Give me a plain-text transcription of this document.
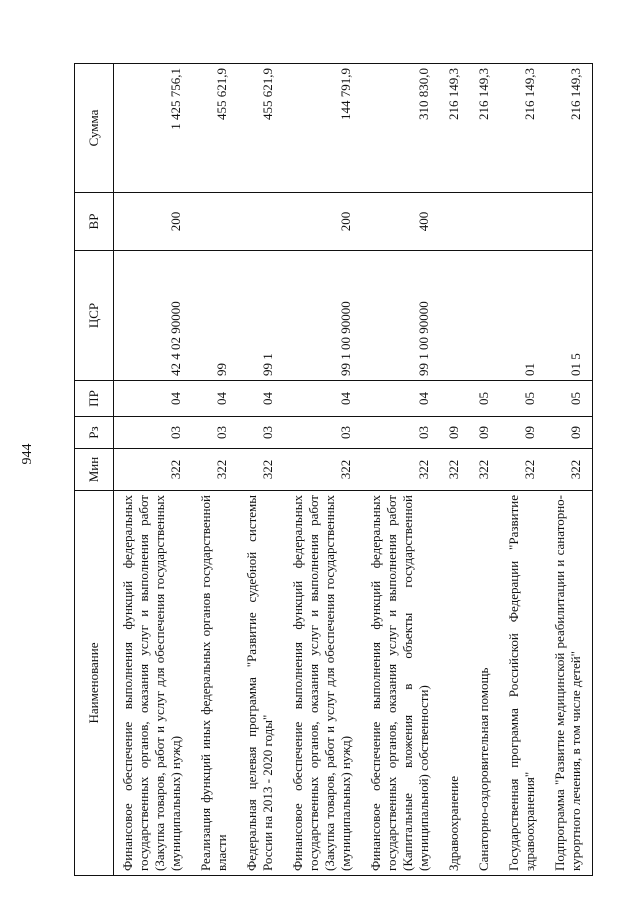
944
Наименование	Мин	Рз	ПР	ЦСР	ВР	Сумма
Финансовое обеспечение выполнения функций федеральных государственных органов, оказания услуг и выполнения работ (Закупка товаров, работ и услуг для обеспечения государственных (муниципальных) нужд)	322	03	04	42 4 02 90000	200	1 425 756,1
Реализация функций иных федеральных органов государственной власти	322	03	04	99		455 621,9
Федеральная целевая программа "Развитие судебной системы России на 2013 - 2020 годы"	322	03	04	99 1		455 621,9
Финансовое обеспечение выполнения функций федеральных государственных органов, оказания услуг и выполнения работ (Закупка товаров, работ и услуг для обеспечения государственных (муниципальных) нужд)	322	03	04	99 1 00 90000	200	144 791,9
Финансовое обеспечение выполнения функций федеральных государственных органов, оказания услуг и выполнения работ (Капитальные вложения в объекты государственной (муниципальной) собственности)	322	03	04	99 1 00 90000	400	310 830,0
Здравоохранение	322	09				216 149,3
Санаторно-оздоровительная помощь	322	09	05			216 149,3
Государственная программа Российской Федерации "Развитие здравоохранения"	322	09	05	01		216 149,3
Подпрограмма "Развитие медицинской реабилитации и санаторно-курортного лечения, в том числе детей"	322	09	05	01 5		216 149,3
